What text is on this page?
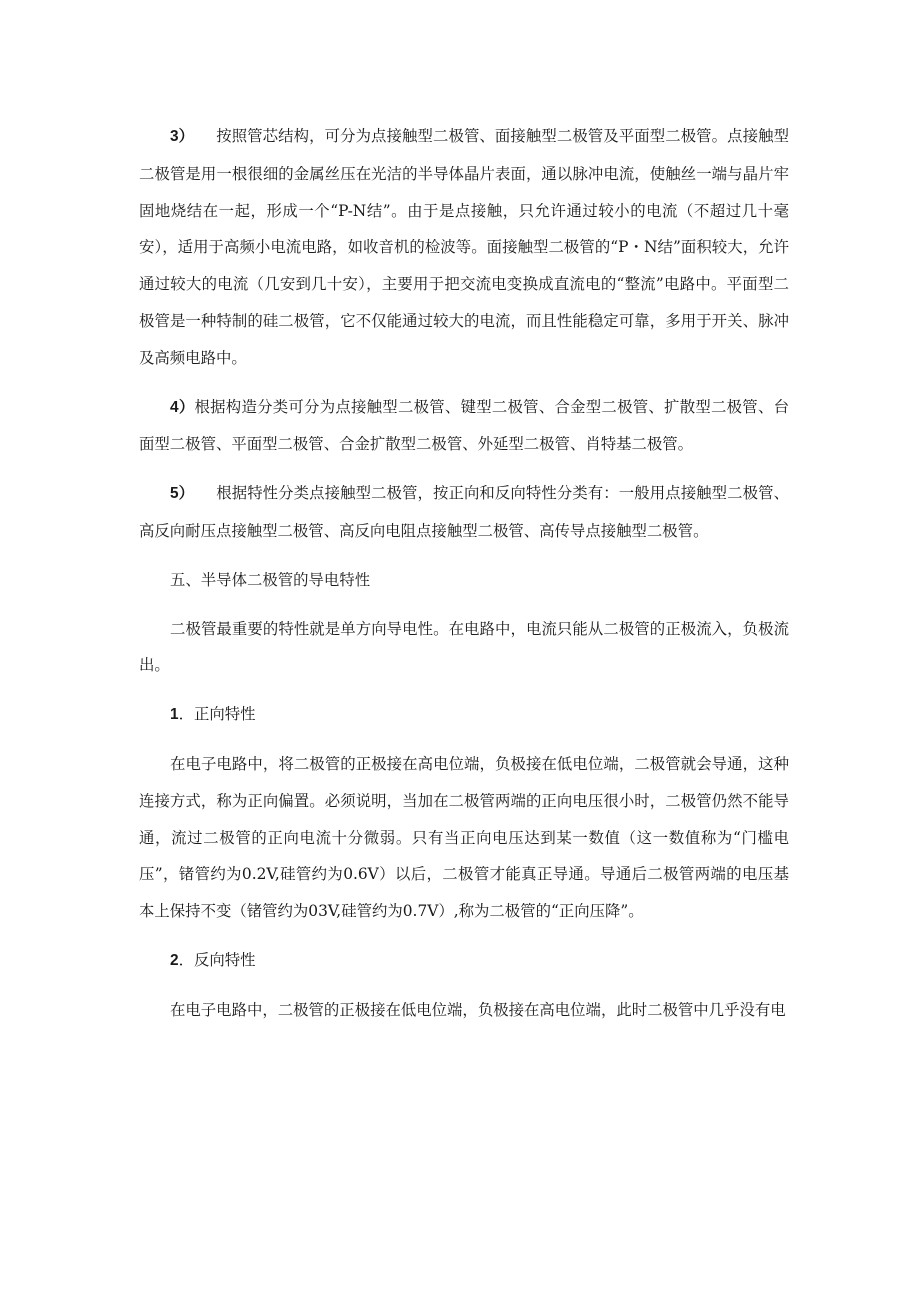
3） 按照管芯结构，可分为点接触型二极管、面接触型二极管及平面型二极管。点接触型二极管是用一根很细的金属丝压在光洁的半导体晶片表面，通以脉冲电流，使触丝一端与晶片牢固地烧结在一起，形成一个“P-N结”。由于是点接触，只允许通过较小的电流（不超过几十毫安），适用于高频小电流电路，如收音机的检波等。面接触型二极管的“P・N结”面积较大，允许通过较大的电流（几安到几十安），主要用于把交流电变换成直流电的“整流”电路中。平面型二极管是一种特制的硅二极管，它不仅能通过较大的电流，而且性能稳定可靠，多用于开关、脉冲及高频电路中。

4）根据构造分类可分为点接触型二极管、键型二极管、合金型二极管、扩散型二极管、台面型二极管、平面型二极管、合金扩散型二极管、外延型二极管、肖特基二极管。

5） 根据特性分类点接触型二极管，按正向和反向特性分类有：一般用点接触型二极管、高反向耐压点接触型二极管、高反向电阻点接触型二极管、高传导点接触型二极管。

五、半导体二极管的导电特性

二极管最重要的特性就是单方向导电性。在电路中，电流只能从二极管的正极流入，负极流出。

1．正向特性

在电子电路中，将二极管的正极接在高电位端，负极接在低电位端，二极管就会导通，这种连接方式，称为正向偏置。必须说明，当加在二极管两端的正向电压很小时，二极管仍然不能导通，流过二极管的正向电流十分微弱。只有当正向电压达到某一数值（这一数值称为“门槛电压”，锗管约为0.2V,硅管约为0.6V）以后，二极管才能真正导通。导通后二极管两端的电压基本上保持不变（锗管约为03V,硅管约为0.7V）,称为二极管的“正向压降”。

2．反向特性

在电子电路中，二极管的正极接在低电位端，负极接在高电位端，此时二极管中几乎没有电
